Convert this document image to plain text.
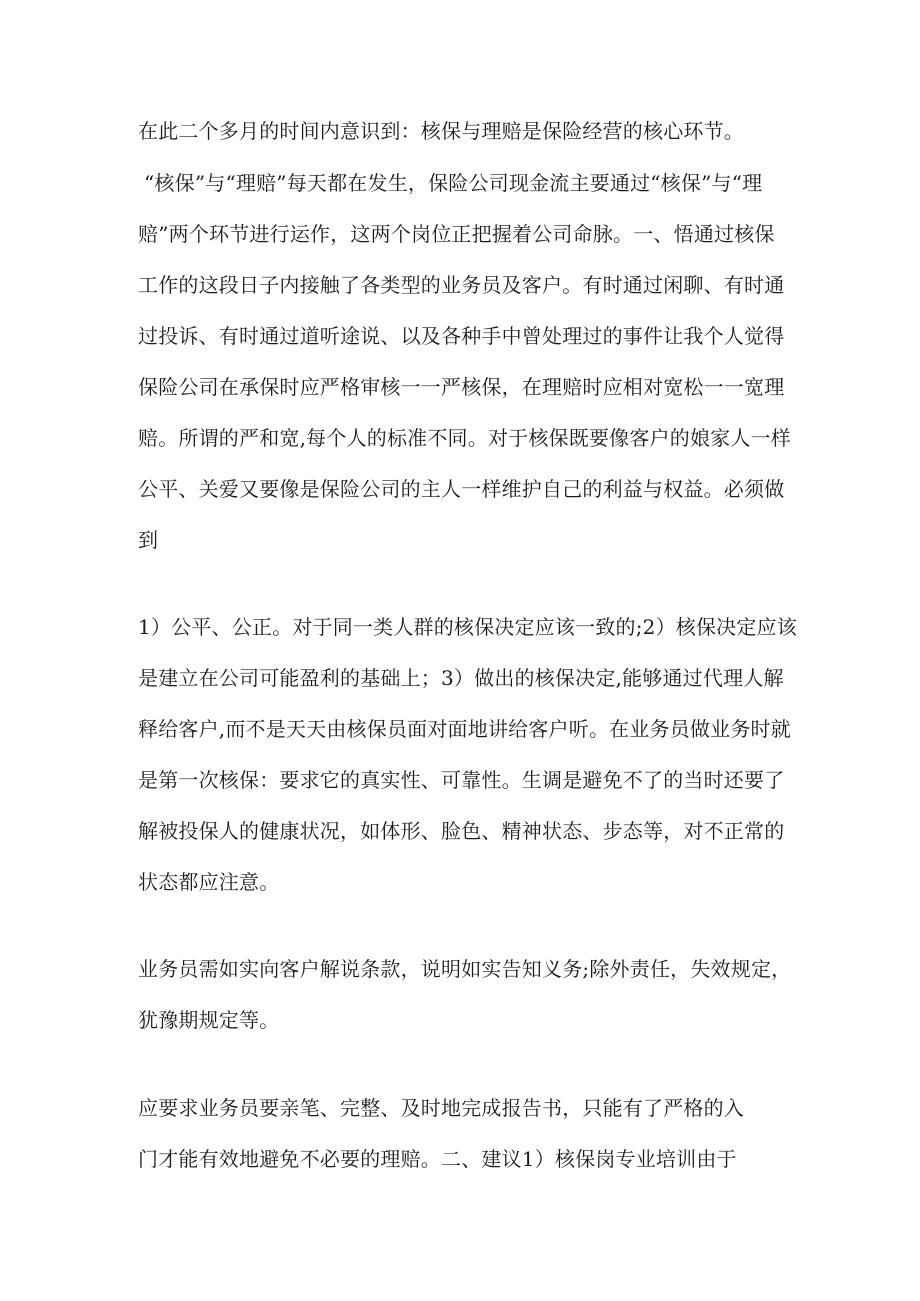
在此二个多月的时间内意识到：核保与理赔是保险经营的核心环节。
“核保”与“理赔”每天都在发生，保险公司现金流主要通过“核保”与“理
赔”两个环节进行运作，这两个岗位正把握着公司命脉。一、悟通过核保
工作的这段日子内接触了各类型的业务员及客户。有时通过闲聊、有时通
过投诉、有时通过道听途说、以及各种手中曾处理过的事件让我个人觉得
保险公司在承保时应严格审核一一严核保，在理赔时应相对宽松一一宽理
赔。所谓的严和宽,每个人的标准不同。对于核保既要像客户的娘家人一样
公平、关爱又要像是保险公司的主人一样维护自己的利益与权益。必须做
到
1）公平、公正。对于同一类人群的核保决定应该一致的;2）核保决定应该
是建立在公司可能盈利的基础上；3）做出的核保决定,能够通过代理人解
释给客户,而不是天天由核保员面对面地讲给客户听。在业务员做业务时就
是第一次核保：要求它的真实性、可靠性。生调是避免不了的当时还要了
解被投保人的健康状况，如体形、脸色、精神状态、步态等，对不正常的
状态都应注意。
业务员需如实向客户解说条款，说明如实告知义务;除外责任，失效规定，
犹豫期规定等。
应要求业务员要亲笔、完整、及时地完成报告书，只能有了严格的入
门才能有效地避免不必要的理赔。二、建议1）核保岗专业培训由于
